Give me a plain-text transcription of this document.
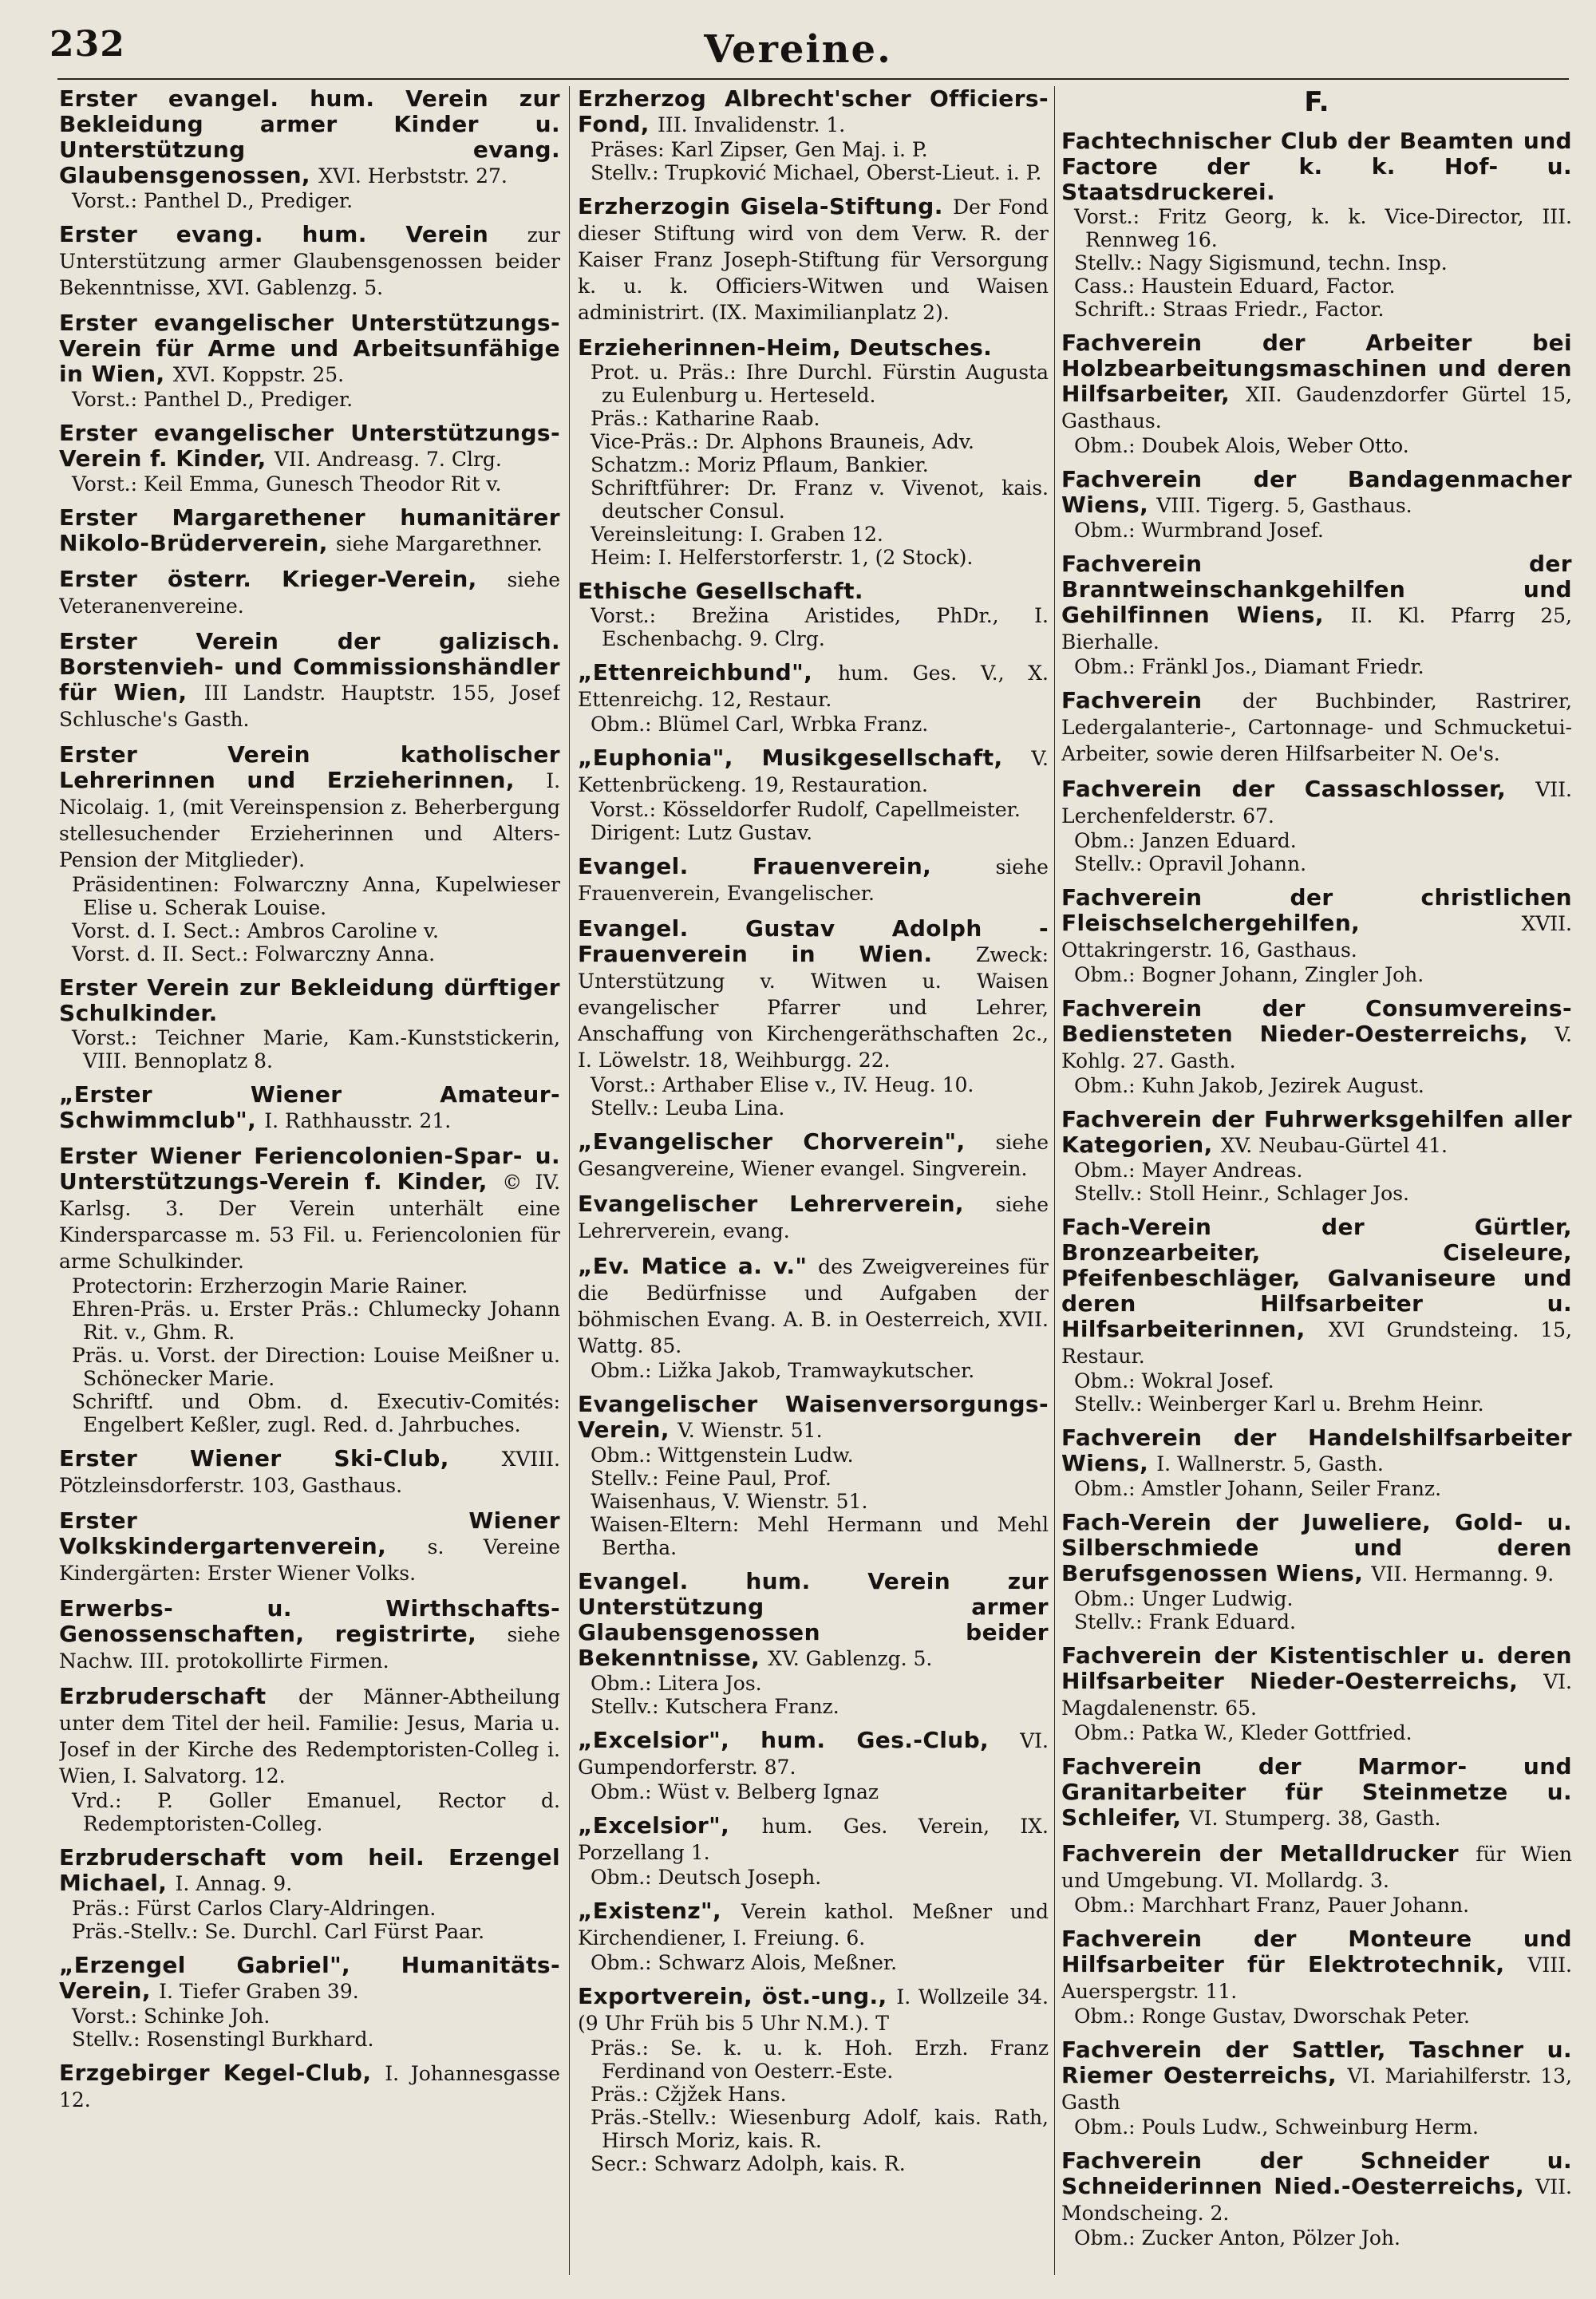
232	Vereine.
Erster evangel. hum. Verein zur Bekleidung armer Kinder u. Unterstützung evang. Glaubensgenossen, XVI. Herbststr. 27.
Vorst.: Panthel D., Prediger.
Erster evang. hum. Verein zur Unterstützung armer Glaubensgenossen beider Bekenntnisse, XVI. Gablenzg. 5.
Erster evangelischer Unterstützungs-Verein für Arme und Arbeitsunfähige in Wien, XVI. Koppstr. 25.
Vorst.: Panthel D., Prediger.
Erster evangelischer Unterstützungs-Verein f. Kinder, VII. Andreasg. 7. Clrg.
Vorst.: Keil Emma, Gunesch Theodor Rit v.
Erster Margarethener humanitärer Nikolo-Brüderverein, siehe Margarethner.
Erster österr. Krieger-Verein, siehe Veteranenvereine.
Erster Verein der galizisch. Borstenvieh- und Commissionshändler für Wien, III Landstr. Hauptstr. 155, Josef Schlusche's Gasth.
Erster Verein katholischer Lehrerinnen und Erzieherinnen, I. Nicolaig. 1, (mit Vereinspension z. Beherbergung stellesuchender Erzieherinnen und Alters-Pension der Mitglieder).
Präsidentinen: Folwarczny Anna, Kupelwieser Elise u. Scherak Louise.
Vorst. d. I. Sect.: Ambros Caroline v.
Vorst. d. II. Sect.: Folwarczny Anna.
Erster Verein zur Bekleidung dürftiger Schulkinder.
Vorst.: Teichner Marie, Kam.-Kunststickerin, VIII. Bennoplatz 8.
„Erster Wiener Amateur-Schwimmclub", I. Rathhausstr. 21.
Erster Wiener Feriencolonien-Spar- u. Unterstützungs-Verein f. Kinder, © IV. Karlsg. 3. Der Verein unterhält eine Kindersparcasse m. 53 Fil. u. Feriencolonien für arme Schulkinder.
Protectorin: Erzherzogin Marie Rainer.
Ehren-Präs. u. Erster Präs.: Chlumecky Johann Rit. v., Ghm. R.
Präs. u. Vorst. der Direction: Louise Meißner u. Schönecker Marie.
Schriftf. und Obm. d. Executiv-Comités: Engelbert Keßler, zugl. Red. d. Jahrbuches.
Erster Wiener Ski-Club,	XVIII. Pötzleinsdorferstr. 103, Gasthaus.
Erster Wiener Volkskindergartenverein, s. Vereine Kindergärten: Erster Wiener Volks.
Erwerbs- u. Wirthschafts-Genossenschaften, registrirte, siehe Nachw. III. protokollirte Firmen.
Erzbruderschaft der Männer-Abtheilung unter dem Titel der heil. Familie: Jesus, Maria u. Josef in der Kirche des Redemptoristen-Colleg i. Wien, I. Salvatorg. 12.
Vrd.: P. Goller Emanuel, Rector d. Redemptoristen-Colleg.
Erzbruderschaft vom heil. Erzengel Michael, I. Annag. 9.
Präs.: Fürst Carlos Clary-Aldringen.
Präs.-Stellv.: Se. Durchl. Carl Fürst Paar.
„Erzengel Gabriel", Humanitäts-Verein, I. Tiefer Graben 39.
Vorst.: Schinke Joh.
Stellv.: Rosenstingl Burkhard.
Erzgebirger Kegel-Club, I. Johannesgasse 12.
Erzherzog Albrecht'scher Officiers-Fond, III. Invalidenstr. 1.
Präses: Karl Zipser, Gen Maj. i. P.
Stellv.: Trupković Michael, Oberst-Lieut. i. P.
Erzherzogin Gisela-Stiftung. Der Fond dieser Stiftung wird von dem Verw. R. der Kaiser Franz Joseph-Stiftung für Versorgung k. u. k. Officiers-Witwen und Waisen administrirt. (IX. Maximilianplatz 2).
Erzieherinnen-Heim, Deutsches.
Prot. u. Präs.: Ihre Durchl. Fürstin Augusta zu Eulenburg u. Herteseld.
Präs.: Katharine Raab.
Vice-Präs.: Dr. Alphons Brauneis, Adv.
Schatzm.: Moriz Pflaum, Bankier.
Schriftführer: Dr. Franz v. Vivenot, kais. deutscher Consul.
Vereinsleitung: I. Graben 12.
Heim: I. Helferstorferstr. 1, (2 Stock).
Ethische Gesellschaft.
Vorst.: Brežina Aristides, PhDr., I. Eschenbachg. 9. Clrg.
„Ettenreichbund", hum. Ges. V., X. Ettenreichg. 12, Restaur.
Obm.: Blümel Carl, Wrbka Franz.
„Euphonia", Musikgesellschaft, V. Kettenbrückeng. 19, Restauration.
Vorst.: Kösseldorfer Rudolf, Capellmeister.
Dirigent: Lutz Gustav.
Evangel. Frauenverein,	siehe Frauenverein, Evangelischer.
Evangel. Gustav Adolph - Frauenverein in Wien. Zweck: Unterstützung v. Witwen u. Waisen evangelischer Pfarrer und Lehrer, Anschaffung von Kirchengeräthschaften 2c., I. Löwelstr. 18, Weihburgg. 22.
Vorst.: Arthaber Elise v., IV. Heug. 10.
Stellv.: Leuba Lina.
„Evangelischer Chorverein", siehe Gesangvereine, Wiener evangel. Singverein.
Evangelischer Lehrerverein, siehe Lehrerverein, evang.
„Ev. Matice a. v." des Zweigvereines für die Bedürfnisse und Aufgaben der böhmischen Evang. A. B. in Oesterreich, XVII. Wattg. 85.
Obm.: Ližka Jakob, Tramwaykutscher.
Evangelischer Waisenversorgungs-Verein, V. Wienstr. 51.
Obm.: Wittgenstein Ludw.
Stellv.: Feine Paul, Prof.
Waisenhaus, V. Wienstr. 51.
Waisen-Eltern: Mehl Hermann und Mehl Bertha.
Evangel. hum. Verein zur Unterstützung armer Glaubensgenossen beider Bekenntnisse, XV. Gablenzg. 5.
Obm.: Litera Jos.
Stellv.: Kutschera Franz.
„Excelsior", hum. Ges.-Club, VI. Gumpendorferstr. 87.
Obm.: Wüst v. Belberg Ignaz
„Excelsior", hum. Ges. Verein, IX. Porzellang 1.
Obm.: Deutsch Joseph.
„Existenz", Verein kathol. Meßner und Kirchendiener, I. Freiung. 6.
Obm.: Schwarz Alois, Meßner.
Exportverein, öst.-ung., I. Wollzeile 34. (9 Uhr Früh bis 5 Uhr N.M.). T
Präs.: Se. k. u. k. Hoh. Erzh. Franz Ferdinand von Oesterr.-Este.
Präs.: Cžjžek Hans.
Präs.-Stellv.: Wiesenburg Adolf, kais. Rath, Hirsch Moriz, kais. R.
Secr.: Schwarz Adolph, kais. R.
F.
Fachtechnischer Club der Beamten und Factore der k. k. Hof- u. Staatsdruckerei.
Vorst.: Fritz Georg, k. k. Vice-Director, III. Rennweg 16.
Stellv.: Nagy Sigismund, techn. Insp.
Cass.: Haustein Eduard, Factor.
Schrift.: Straas Friedr., Factor.
Fachverein der Arbeiter bei Holzbearbeitungsmaschinen und deren Hilfsarbeiter, XII. Gaudenzdorfer Gürtel 15, Gasthaus.
Obm.: Doubek Alois, Weber Otto.
Fachverein der Bandagenmacher Wiens, VIII. Tigerg. 5, Gasthaus.
Obm.: Wurmbrand Josef.
Fachverein der Branntweinschankgehilfen und Gehilfinnen Wiens, II. Kl. Pfarrg 25, Bierhalle.
Obm.: Fränkl Jos., Diamant Friedr.
Fachverein der Buchbinder, Rastrirer, Ledergalanterie-, Cartonnage- und Schmucketui-Arbeiter, sowie deren Hilfsarbeiter N. Oe's.
Fachverein der Cassaschlosser, VII. Lerchenfelderstr. 67.
Obm.: Janzen Eduard.
Stellv.: Opravil Johann.
Fachverein der christlichen Fleischselchergehilfen,	XVII. Ottakringerstr. 16, Gasthaus.
Obm.: Bogner Johann, Zingler Joh.
Fachverein der Consumvereins-Bediensteten Nieder-Oesterreichs, V. Kohlg. 27. Gasth.
Obm.: Kuhn Jakob, Jezirek August.
Fachverein der Fuhrwerksgehilfen aller Kategorien, XV. Neubau-Gürtel 41.
Obm.: Mayer Andreas.
Stellv.: Stoll Heinr., Schlager Jos.
Fach-Verein der Gürtler, Bronzearbeiter, Ciseleure, Pfeifenbeschläger, Galvaniseure und deren Hilfsarbeiter u. Hilfsarbeiterinnen, XVI Grundsteing. 15, Restaur.
Obm.: Wokral Josef.
Stellv.: Weinberger Karl u. Brehm Heinr.
Fachverein der Handelshilfsarbeiter Wiens, I. Wallnerstr. 5, Gasth.
Obm.: Amstler Johann, Seiler Franz.
Fach-Verein der Juweliere, Gold- u. Silberschmiede und deren Berufsgenossen Wiens, VII. Hermanng. 9.
Obm.: Unger Ludwig.
Stellv.: Frank Eduard.
Fachverein der Kistentischler u. deren Hilfsarbeiter Nieder-Oesterreichs, VI. Magdalenenstr. 65.
Obm.: Patka W., Kleder Gottfried.
Fachverein der Marmor- und Granitarbeiter für Steinmetze u. Schleifer, VI. Stumperg. 38, Gasth.
Fachverein der Metalldrucker für Wien und Umgebung. VI. Mollardg. 3.
Obm.: Marchhart Franz, Pauer Johann.
Fachverein der Monteure und Hilfsarbeiter für Elektrotechnik, VIII. Auerspergstr. 11.
Obm.: Ronge Gustav, Dworschak Peter.
Fachverein der Sattler, Taschner u. Riemer Oesterreichs, VI. Mariahilferstr. 13, Gasth
Obm.: Pouls Ludw., Schweinburg Herm.
Fachverein der Schneider u. Schneiderinnen Nied.-Oesterreichs, VII. Mondscheing. 2.
Obm.: Zucker Anton, Pölzer Joh.
